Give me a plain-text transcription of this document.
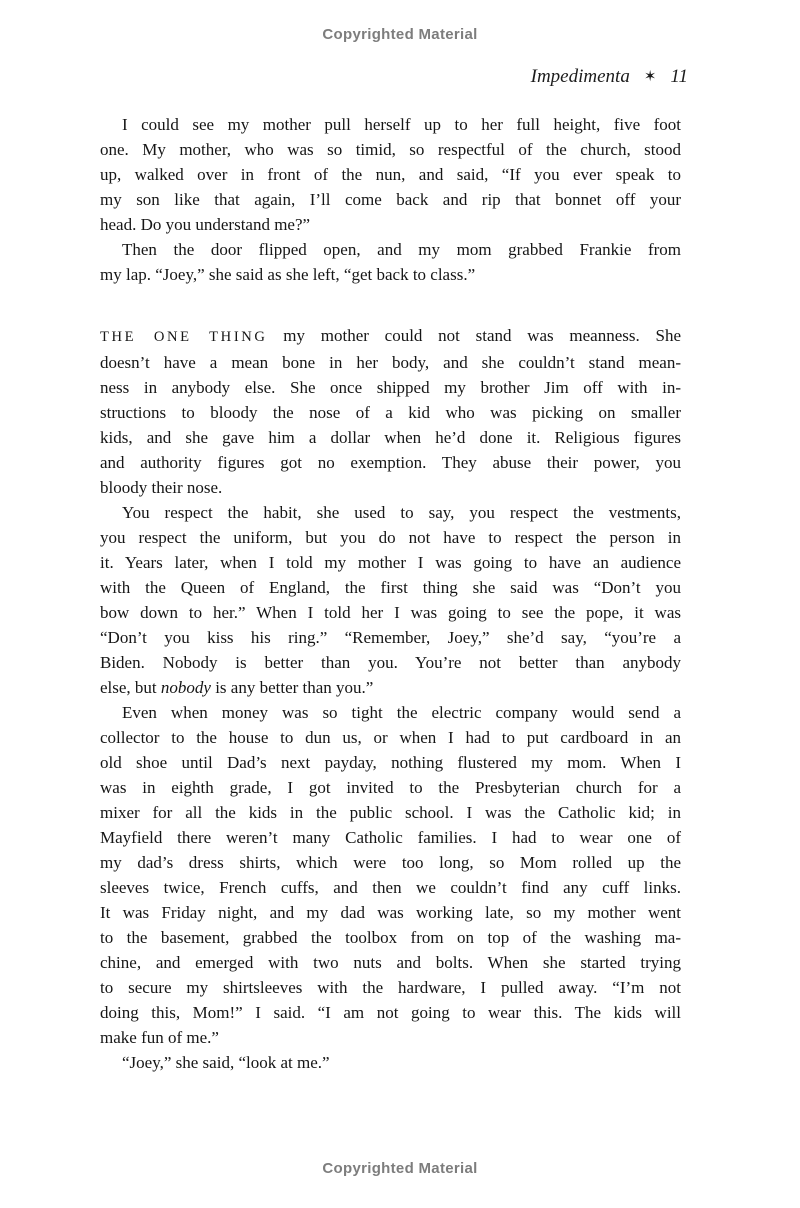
Copyrighted Material
Impedimenta ✶ 11
I could see my mother pull herself up to her full height, five foot
one. My mother, who was so timid, so respectful of the church, stood
up, walked over in front of the nun, and said, “If you ever speak to
my son like that again, I’ll come back and rip that bonnet off your
head. Do you understand me?”
Then the door flipped open, and my mom grabbed Frankie from
my lap. “Joey,” she said as she left, “get back to class.”
THE ONE THING my mother could not stand was meanness. She
doesn’t have a mean bone in her body, and she couldn’t stand mean-
ness in anybody else. She once shipped my brother Jim off with in-
structions to bloody the nose of a kid who was picking on smaller
kids, and she gave him a dollar when he’d done it. Religious figures
and authority figures got no exemption. They abuse their power, you
bloody their nose.
You respect the habit, she used to say, you respect the vestments,
you respect the uniform, but you do not have to respect the person in
it. Years later, when I told my mother I was going to have an audience
with the Queen of England, the first thing she said was “Don’t you
bow down to her.” When I told her I was going to see the pope, it was
“Don’t you kiss his ring.” “Remember, Joey,” she’d say, “you’re a
Biden. Nobody is better than you. You’re not better than anybody
else, but nobody is any better than you.”
Even when money was so tight the electric company would send a
collector to the house to dun us, or when I had to put cardboard in an
old shoe until Dad’s next payday, nothing flustered my mom. When I
was in eighth grade, I got invited to the Presbyterian church for a
mixer for all the kids in the public school. I was the Catholic kid; in
Mayfield there weren’t many Catholic families. I had to wear one of
my dad’s dress shirts, which were too long, so Mom rolled up the
sleeves twice, French cuffs, and then we couldn’t find any cuff links.
It was Friday night, and my dad was working late, so my mother went
to the basement, grabbed the toolbox from on top of the washing ma-
chine, and emerged with two nuts and bolts. When she started trying
to secure my shirtsleeves with the hardware, I pulled away. “I’m not
doing this, Mom!” I said. “I am not going to wear this. The kids will
make fun of me.”
“Joey,” she said, “look at me.”
Copyrighted Material
